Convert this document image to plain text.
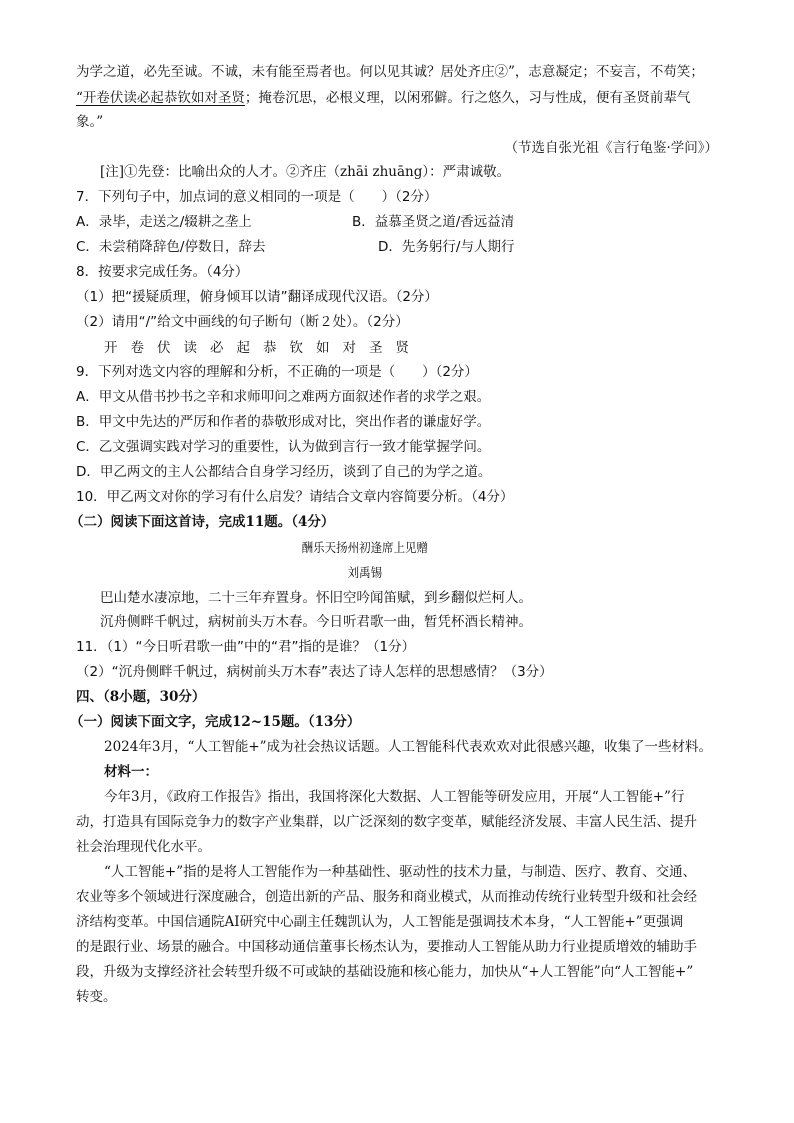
为学之道，必先至诚。不诚，未有能至焉者也。何以见其诚？居处齐庄②”，志意凝定；不妄言，不苟笑；
“开卷伏读必起恭钦如对圣贤；掩卷沉思，必根义理，以闲邪僻。行之悠久，习与性成，便有圣贤前辈气
象。”
（节选自张光祖《言行龟鉴·学问》）
[注]①先登：比喻出众的人才。②齐庄（zhāi zhuāng）：严肃诚敬。
7．下列句子中，加点词的意义相同的一项是（　　）（2分）
A．录毕，走送之/辍耕之垄上	B．益慕圣贤之道/香远益清
C．未尝稍降辞色/停数日，辞去	D．先务躬行/与人期行
8．按要求完成任务。（4分）
（1）把“援疑质理，俯身倾耳以请”翻译成现代汉语。（2分）
（2）请用“/”给文中画线的句子断句（断２处）。（2分）
开卷伏读必起恭钦如对圣贤
9．下列对选文内容的理解和分析，不正确的一项是（　　）（2分）
A．甲文从借书抄书之辛和求师叩问之难两方面叙述作者的求学之艰。
B．甲文中先达的严厉和作者的恭敬形成对比，突出作者的谦虚好学。
C．乙文强调实践对学习的重要性，认为做到言行一致才能掌握学问。
D．甲乙两文的主人公都结合自身学习经历，谈到了自己的为学之道。
10．甲乙两文对你的学习有什么启发？请结合文章内容简要分析。（4分）
（二）阅读下面这首诗，完成11题。（4分）
酬乐天扬州初逢席上见赠
刘禹锡
巴山楚水凄凉地，二十三年弃置身。怀旧空吟闻笛赋，到乡翻似烂柯人。
沉舟侧畔千帆过，病树前头万木春。今日听君歌一曲，暂凭杯酒长精神。
11．（1）“今日听君歌一曲”中的“君”指的是谁？（1分）
（2）“沉舟侧畔千帆过，病树前头万木春”表达了诗人怎样的思想感情？（3分）
四、（8小题，30分）
（一）阅读下面文字，完成12~15题。（13分）
2024年3月，“人工智能+”成为社会热议话题。人工智能科代表欢欢对此很感兴趣，收集了一些材料。
材料一：
今年3月，《政府工作报告》指出，我国将深化大数据、人工智能等研发应用，开展“人工智能+”行
动，打造具有国际竞争力的数字产业集群，以广泛深刻的数字变革，赋能经济发展、丰富人民生活、提升
社会治理现代化水平。
“人工智能+”指的是将人工智能作为一种基础性、驱动性的技术力量，与制造、医疗、教育、交通、
农业等多个领域进行深度融合，创造出新的产品、服务和商业模式，从而推动传统行业转型升级和社会经
济结构变革。中国信通院AI研究中心副主任魏凯认为，人工智能是强调技术本身，“人工智能+”更强调
的是跟行业、场景的融合。中国移动通信董事长杨杰认为，要推动人工智能从助力行业提质增效的辅助手
段，升级为支撑经济社会转型升级不可或缺的基础设施和核心能力，加快从“+人工智能”向“人工智能+”
转变。
